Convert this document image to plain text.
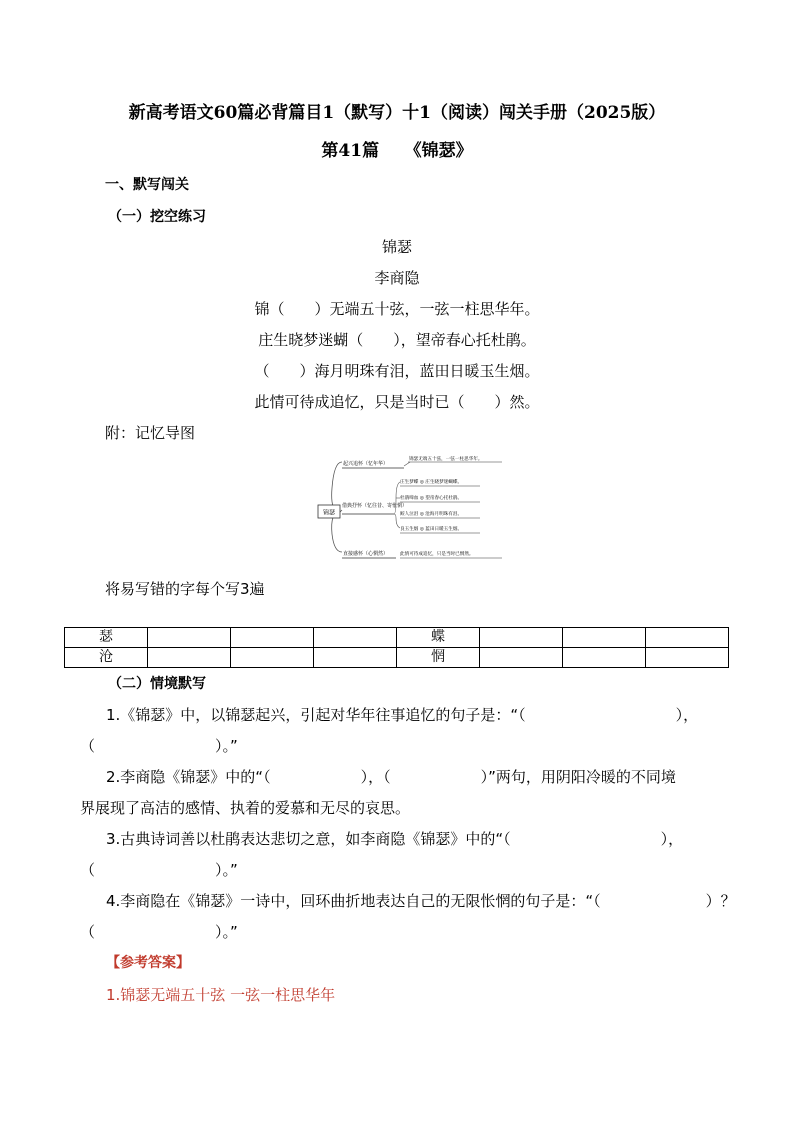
新高考语文60篇必背篇目1（默写）十1（阅读）闯关手册（2025版）
第41篇　　《锦瑟》
一、默写闯关
（一）挖空练习
锦瑟
李商隐
锦（　　）无端五十弦，一弦一柱思华年。
庄生晓梦迷蝴（　　），望帝春心托杜鹃。
（　　）海月明珠有泪，蓝田日暖玉生烟。
此情可待成追忆，只是当时已（　　）然。
附：记忆导图
锦瑟
起兴追怀（忆年华）
锦瑟无端五十弦，一弦一柱思华年。
借典抒怀（忆往昔、寄怅惘）
庄生梦蝶 ◎ 庄生晓梦迷蝴蝶。
杜鹃啼血 ◎ 望帝春心托杜鹃。
鲛人泣泪 ◎ 沧海月明珠有泪。
良玉生烟 ◎ 蓝田日暖玉生烟。
直接感怀（心惘然）	此情可待成追忆，只是当时已惘然。
将易写错的字每个写3遍
瑟				蝶			
沧				惘			
（二）情境默写
1.《锦瑟》中，以锦瑟起兴，引起对华年往事追忆的句子是：“（　　　　　　　　　　），
（　　　　　　　　）。”
2.李商隐《锦瑟》中的“（　　　　　　），（　　　　　　）”两句，用阴阳冷暖的不同境
界展现了高洁的感情、执着的爱慕和无尽的哀思。
3.古典诗词善以杜鹃表达悲切之意，如李商隐《锦瑟》中的“（　　　　　　　　　　），
（　　　　　　　　）。”
4.李商隐在《锦瑟》一诗中，回环曲折地表达自己的无限怅惘的句子是：“（　　　　　　　）？
（　　　　　　　　）。”
【参考答案】
1.锦瑟无端五十弦 一弦一柱思华年
